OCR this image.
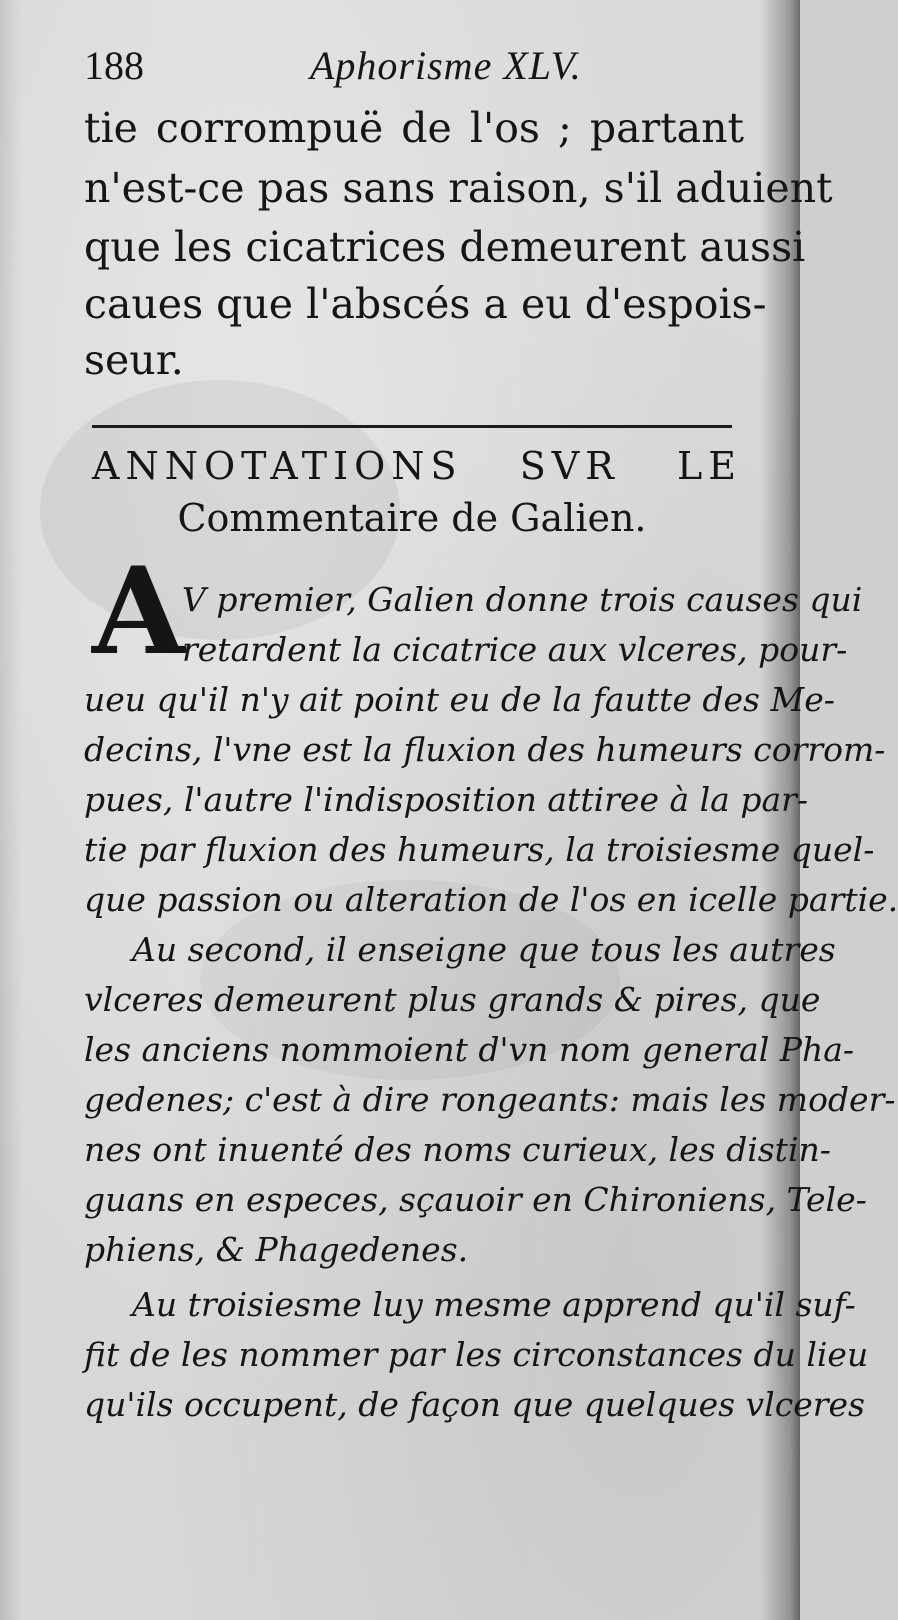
188	Aphorisme XLV.
tie corrompuë de l'os ; partant
n'est-ce pas sans raison, s'il aduient
que les cicatrices demeurent aussi
caues que l'abscés a eu d'espois-
seur.
ANNOTATIONS SVR LE
Commentaire de Galien.
A
V premier, Galien donne trois causes qui
retardent la cicatrice aux vlceres, pour-
ueu qu'il n'y ait point eu de la fautte des Me-
decins, l'vne est la fluxion des humeurs corrom-
pues, l'autre l'indisposition attiree à la par-
tie par fluxion des humeurs, la troisiesme quel-
que passion ou alteration de l'os en icelle partie.
Au second, il enseigne que tous les autres
vlceres demeurent plus grands & pires, que
les anciens nommoient d'vn nom general Pha-
gedenes; c'est à dire rongeants: mais les moder-
nes ont inuenté des noms curieux, les distin-
guans en especes, sçauoir en Chironiens, Tele-
phiens, & Phagedenes.
Au troisiesme luy mesme apprend qu'il suf-
fit de les nommer par les circonstances du lieu
qu'ils occupent, de façon que quelques vlceres
